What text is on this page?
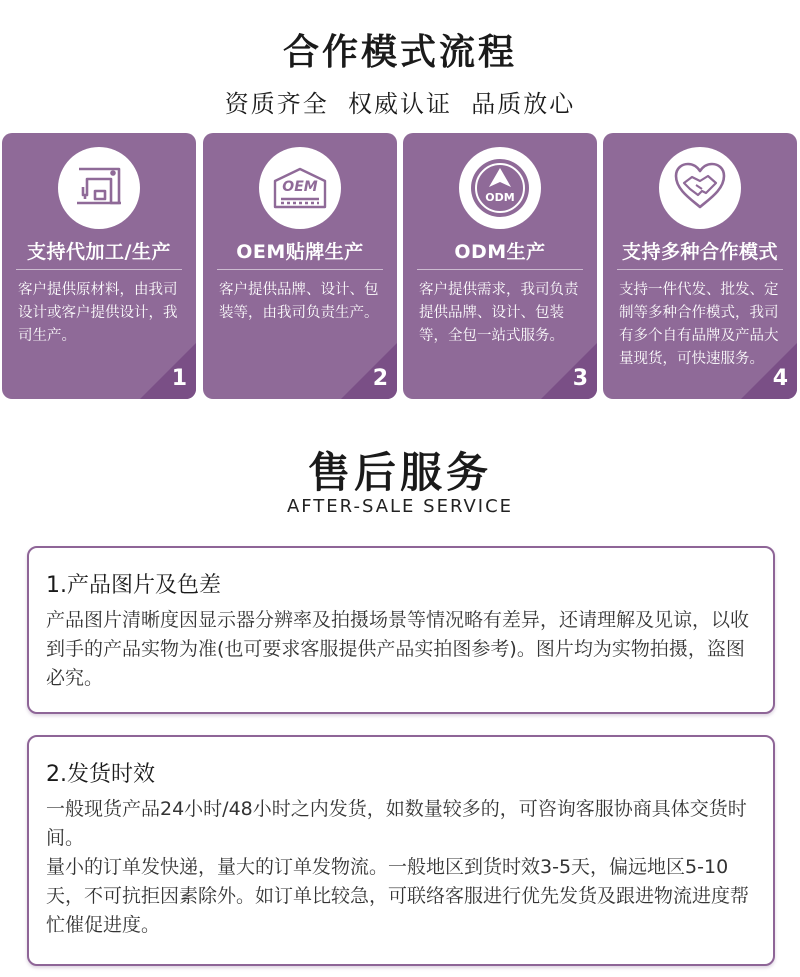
合作模式流程
资质齐全  权威认证  品质放心
支持代加工/生产
客户提供原材料，由我司设计或客户提供设计，我司生产。
1
OEM
OEM贴牌生产
客户提供品牌、设计、包装等，由我司负责生产。
2
ODM
ODM生产
客户提供需求，我司负责提供品牌、设计、包装等，全包一站式服务。
3
支持多种合作模式
支持一件代发、批发、定制等多种合作模式，我司有多个自有品牌及产品大量现货，可快速服务。
4
售后服务
AFTER-SALE SERVICE
1.产品图片及色差

产品图片清晰度因显示器分辨率及拍摄场景等情况略有差异，还请理解及见谅，以收到手的产品实物为准(也可要求客服提供产品实拍图参考)。图片均为实物拍摄，盗图必究。

2.发货时效

一般现货产品24小时/48小时之内发货，如数量较多的，可咨询客服协商具体交货时间。

量小的订单发快递，量大的订单发物流。一般地区到货时效3-5天，偏远地区5-10天，不可抗拒因素除外。如订单比较急，可联络客服进行优先发货及跟进物流进度帮忙催促进度。
